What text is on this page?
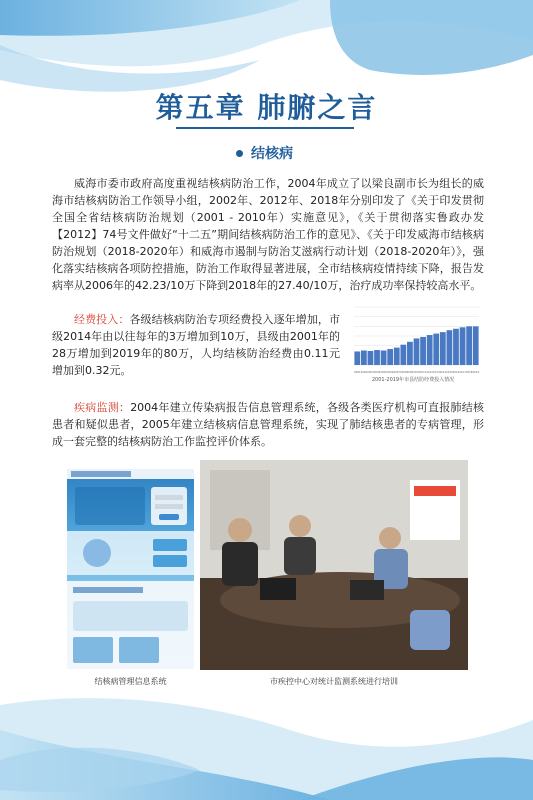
第五章 肺腑之言
结核病

威海市委市政府高度重视结核病防治工作，2004年成立了以梁良副市长为组长的威海市结核病防治工作领导小组，2002年、2012年、2018年分别印发了《关于印发贯彻全国全省结核病防治规划（2001 - 2010年）实施意见》，《关于贯彻落实鲁政办发【2012】74号文件做好“十二五”期间结核病防治工作的意见》、《关于印发威海市结核病防治规划（2018-2020年）和威海市遏制与防治艾滋病行动计划（2018-2020年）》，强化落实结核病各项防控措施，防治工作取得显著进展，全市结核病疫情持续下降，报告发病率从2006年的42.23/10万下降到2018年的27.40/10万，治疗成功率保持较高水平。

经费投入：各级结核病防治专项经费投入逐年增加，市级2014年由以往每年的3万增加到10万，县级由2001年的28万增加到2019年的80万，人均结核防治经费由0.11元增加到0.32元。	2001 2002 2003 2004 2005 2006 2007 2008 2009 2010 2011 2012 2013 2014 2015 2016 2017 2018 2019
2001-2019年市县结防经费投入情况

疾病监测：2004年建立传染病报告信息管理系统，各级各类医疗机构可直报肺结核患者和疑似患者，2005年建立结核病信息管理系统，实现了肺结核患者的专病管理，形成一套完整的结核病防治工作监控评价体系。

结核病管理信息系统	市疾控中心对统计监测系统进行培训
